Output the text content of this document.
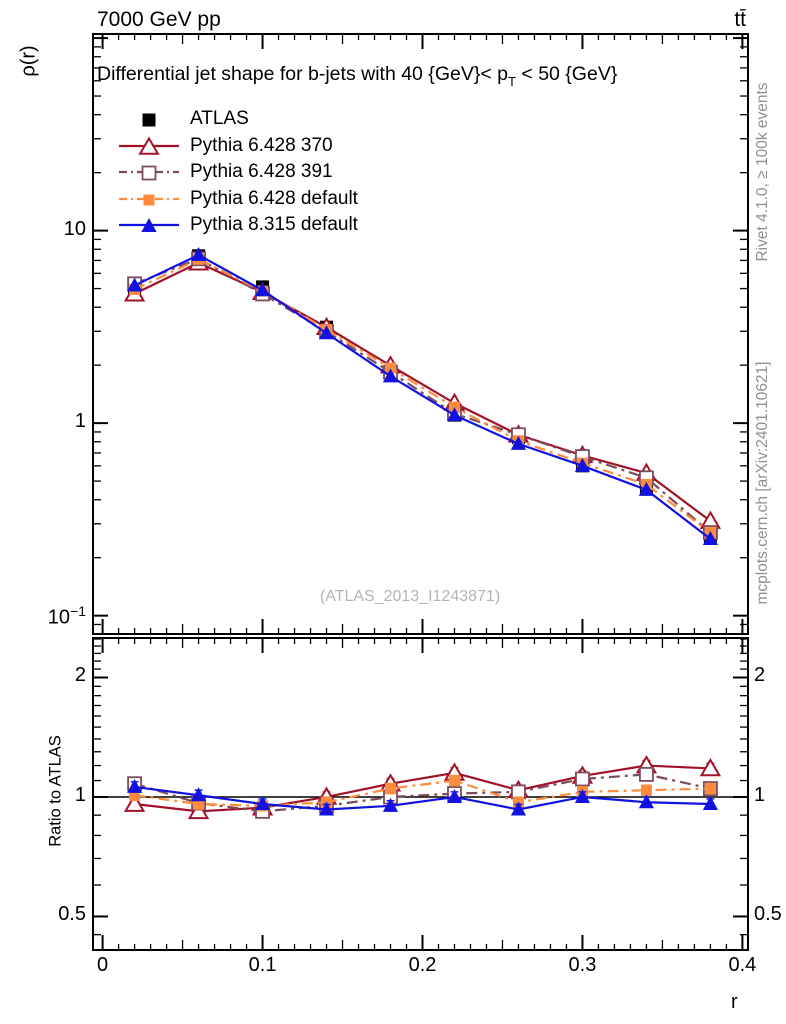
7000 GeV pp	tt̄
ρ(r)	Differential jet shape for b-jets with 40 $\{GeV\}< p_T < 50$ {GeV}
(ATLAS_2013_I1243871)
Rivet 4.1.0, ≥ 100k events
mcplots.cern.ch [arXiv:2401.10621]
Ratio to ATLAS
r
ATLAS
Pythia 6.428 370
Pythia 6.428 391
Pythia 6.428 default
Pythia 8.315 default
0	0.1	0.2	0.3	0.4
10
1
$10^{-1}$
2	2
1	1
0.5	0.5
